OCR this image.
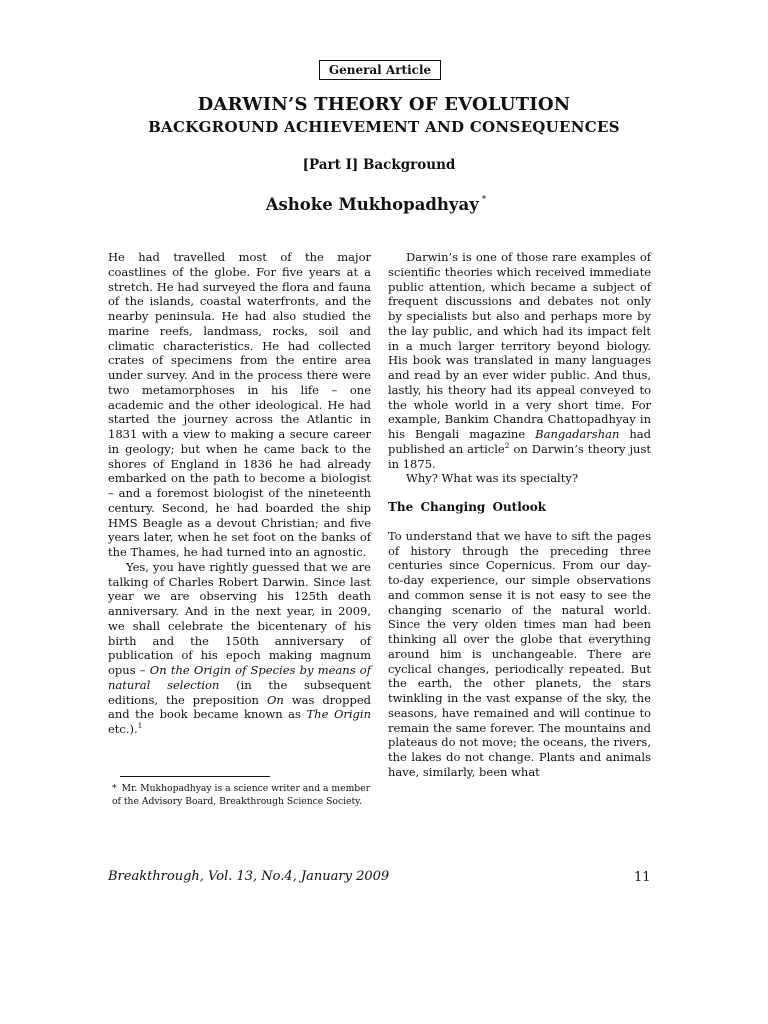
General Article
DARWIN’S THEORY OF EVOLUTION
BACKGROUND ACHIEVEMENT AND CONSEQUENCES
[Part I] Background
Ashoke Mukhopadhyay *

He had travelled most of the major coastlines of the globe. For five years at a stretch. He had surveyed the flora and fauna of the islands, coastal waterfronts, and the nearby peninsula. He had also studied the marine reefs, landmass, rocks, soil and climatic characteristics. He had collected crates of specimens from the entire area under survey. And in the process there were two metamorphoses in his life – one academic and the other ideological. He had started the journey across the Atlantic in 1831 with a view to making a secure career in geology; but when he came back to the shores of England in 1836 he had already embarked on the path to become a biologist – and a foremost biologist of the nineteenth century. Second, he had boarded the ship HMS Beagle as a devout Christian; and five years later, when he set foot on the banks of the Thames, he had turned into an agnostic.

Yes, you have rightly guessed that we are talking of Charles Robert Darwin. Since last year we are observing his 125th death anniversary. And in the next year, in 2009, we shall celebrate the bicentenary of his birth and the 150th anniversary of publication of his epoch making magnum opus – On the Origin of Species by means of natural selection (in the subsequent editions, the preposition On was dropped and the book became known as The Origin etc.).$^1$

* Mr. Mukhopadhyay is a science writer and a member of the Advisory Board, Breakthrough Science Society.

Darwin’s is one of those rare examples of scientific theories which received immediate public attention, which became a subject of frequent discussions and debates not only by specialists but also and perhaps more by the lay public, and which had its impact felt in a much larger territory beyond biology. His book was translated in many languages and read by an ever wider public. And thus, lastly, his theory had its appeal conveyed to the whole world in a very short time. For example, Bankim Chandra Chattopadhyay in his Bengali magazine Bangadarshan had published an article$^2$ on Darwin’s theory just in 1875.

Why? What was its specialty?

The Changing Outlook

To understand that we have to sift the pages of history through the preceding three centuries since Copernicus. From our day-to-day experience, our simple observations and common sense it is not easy to see the changing scenario of the natural world. Since the very olden times man had been thinking all over the globe that everything around him is unchangeable. There are cyclical changes, periodically repeated. But the earth, the other planets, the stars twinkling in the vast expanse of the sky, the seasons, have remained and will continue to remain the same forever. The mountains and plateaus do not move; the oceans, the rivers, the lakes do not change. Plants and animals have, similarly, been what

Breakthrough, Vol. 13, No.4, January 2009	11
